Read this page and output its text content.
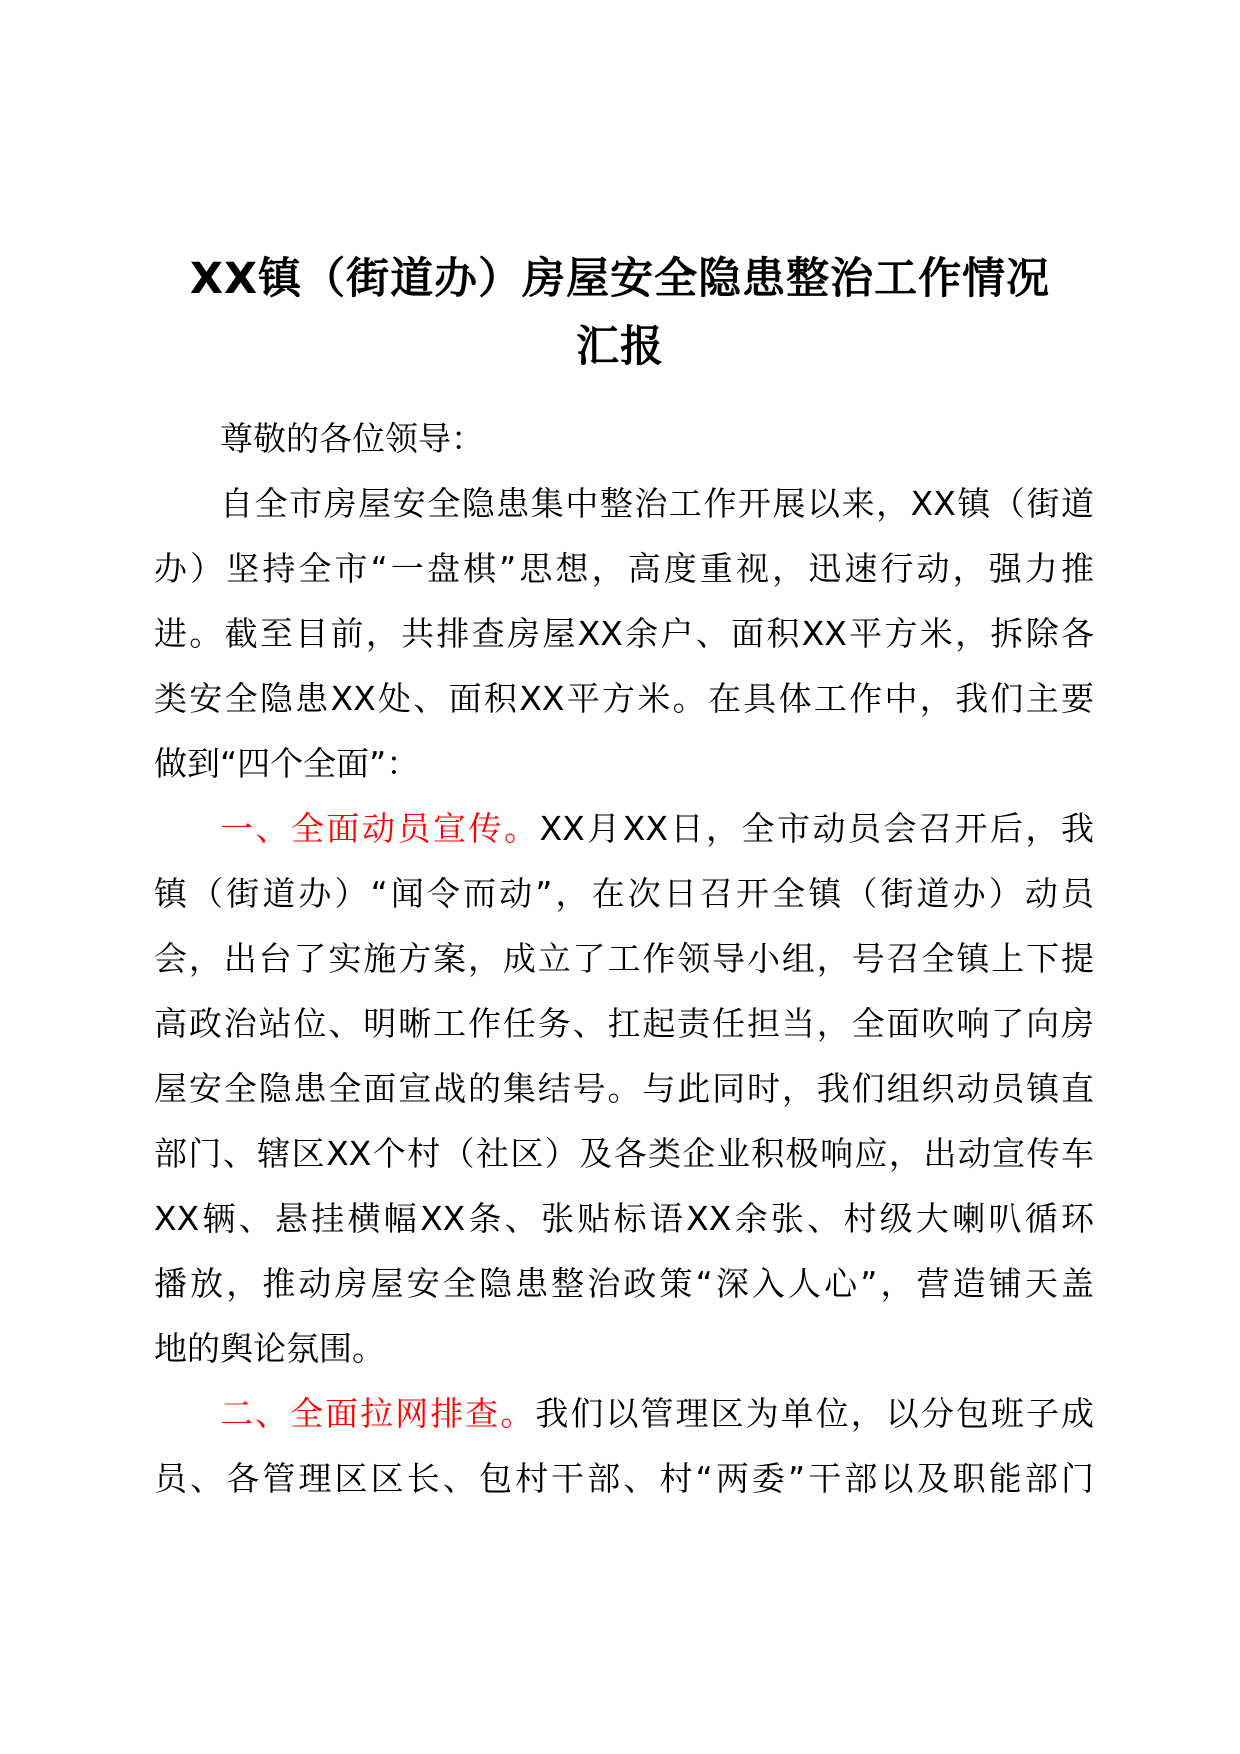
XX镇（街道办）房屋安全隐患整治工作情况
汇报

尊敬的各位领导：

自全市房屋安全隐患集中整治工作开展以来，XX镇（街道
办）坚持全市“一盘棋”思想，高度重视，迅速行动，强力推
进。截至目前，共排查房屋XX余户、面积XX平方米，拆除各
类安全隐患XX处、面积XX平方米。在具体工作中，我们主要
做到“四个全面”：

一、全面动员宣传。XX月XX日，全市动员会召开后，我
镇（街道办）“闻令而动”，在次日召开全镇（街道办）动员
会，出台了实施方案，成立了工作领导小组，号召全镇上下提
高政治站位、明晰工作任务、扛起责任担当，全面吹响了向房
屋安全隐患全面宣战的集结号。与此同时，我们组织动员镇直
部门、辖区XX个村（社区）及各类企业积极响应，出动宣传车
XX辆、悬挂横幅XX条、张贴标语XX余张、村级大喇叭循环
播放，推动房屋安全隐患整治政策“深入人心”，营造铺天盖
地的舆论氛围。

二、全面拉网排查。我们以管理区为单位，以分包班子成
员、各管理区区长、包村干部、村“两委”干部以及职能部门
